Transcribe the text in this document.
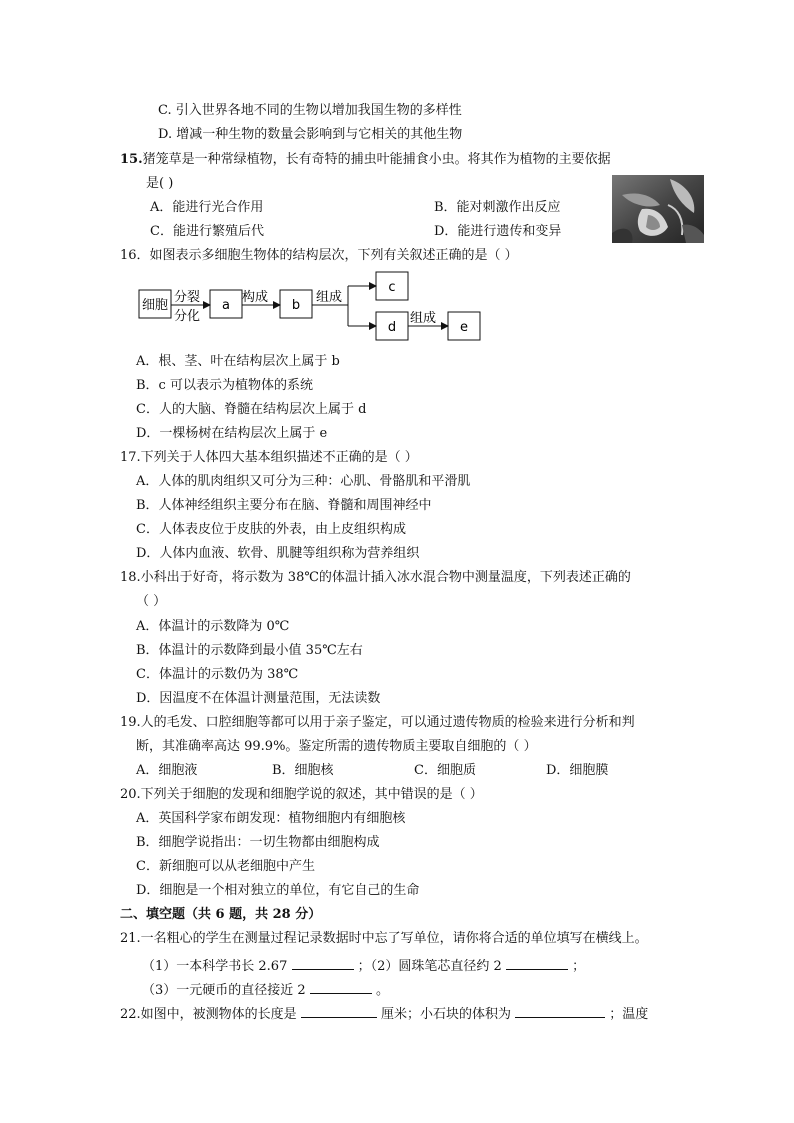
C. 引入世界各地不同的生物以增加我国生物的多样性
D. 增减一种生物的数量会影响到与它相关的其他生物
15.猪笼草是一种常绿植物，长有奇特的捕虫叶能捕食小虫。将其作为植物的主要依据
是( )
A．能进行光合作用	B．能对刺激作出反应
C．能进行繁殖后代	D．能进行遗传和变异
16．如图表示多细胞生物体的结构层次，下列有关叙述正确的是（ ）
细胞
分裂
分化
a
构成
b
组成
c
d
组成
e
A．根、茎、叶在结构层次上属于 b
B．c 可以表示为植物体的系统
C．人的大脑、脊髓在结构层次上属于 d
D．一棵杨树在结构层次上属于 e
17.下列关于人体四大基本组织描述不正确的是（ ）
A．人体的肌肉组织又可分为三种：心肌、骨骼肌和平滑肌
B．人体神经组织主要分布在脑、脊髓和周围神经中
C．人体表皮位于皮肤的外表，由上皮组织构成
D．人体内血液、软骨、肌腱等组织称为营养组织
18.小科出于好奇，将示数为 38℃的体温计插入冰水混合物中测量温度，下列表述正确的
（ ）
A．体温计的示数降为 0℃
B．体温计的示数降到最小值 35℃左右
C．体温计的示数仍为 38℃
D．因温度不在体温计测量范围，无法读数
19.人的毛发、口腔细胞等都可以用于亲子鉴定，可以通过遗传物质的检验来进行分析和判
断，其准确率高达 99.9%。鉴定所需的遗传物质主要取自细胞的（ ）
A．细胞液	B．细胞核	C．细胞质	D．细胞膜
20.下列关于细胞的发现和细胞学说的叙述，其中错误的是（ ）
A．英国科学家布朗发现：植物细胞内有细胞核
B．细胞学说指出：一切生物都由细胞构成
C．新细胞可以从老细胞中产生
D．细胞是一个相对独立的单位，有它自己的生命
二、填空题（共 6 题，共 28 分）
21.一名粗心的学生在测量过程记录数据时中忘了写单位，请你将合适的单位填写在横线上。
（1）一本科学书长 2.67	；（2）圆珠笔芯直径约 2	；
（3）一元硬币的直径接近 2	。
22.如图中，被测物体的长度是	厘米；小石块的体积为	；温度
